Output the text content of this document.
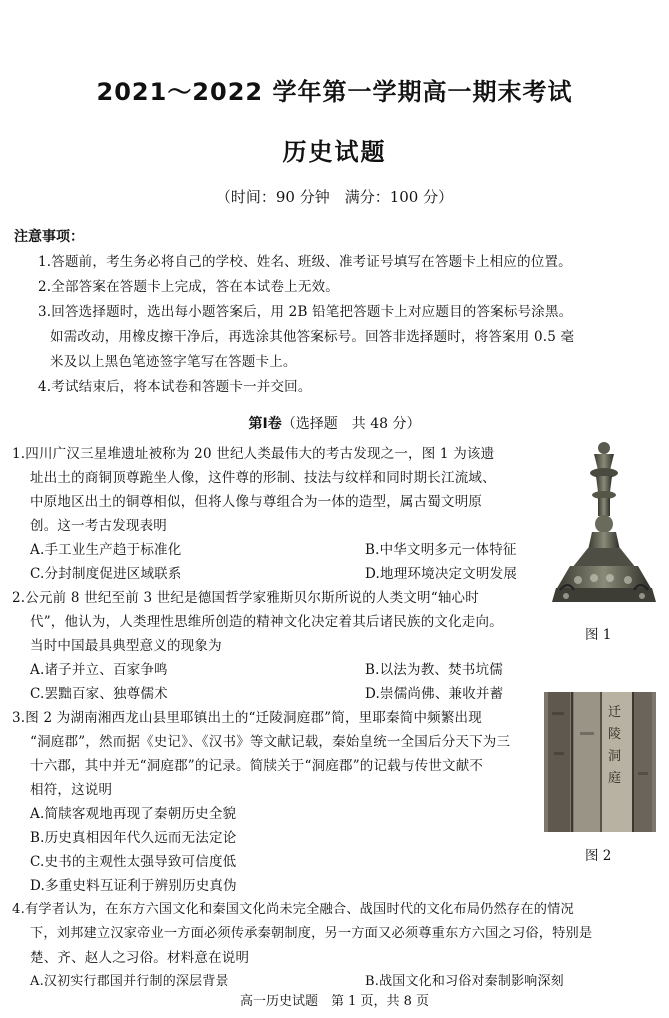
2021～2022 学年第一学期高一期末考试
历史试题
（时间：90 分钟　满分：100 分）
注意事项：
1.答题前，考生务必将自己的学校、姓名、班级、准考证号填写在答题卡上相应的位置。
2.全部答案在答题卡上完成，答在本试卷上无效。
3.回答选择题时，选出每小题答案后，用 2B 铅笔把答题卡上对应题目的答案标号涂黑。
如需改动，用橡皮擦干净后，再选涂其他答案标号。回答非选择题时，将答案用 0.5 毫
米及以上黑色笔迹签字笔写在答题卡上。
4.考试结束后，将本试卷和答题卡一并交回。
第Ⅰ卷（选择题　共 48 分）
1.四川广汉三星堆遗址被称为 20 世纪人类最伟大的考古发现之一，图 1 为该遗
址出土的商铜顶尊跪坐人像，这件尊的形制、技法与纹样和同时期长江流域、
中原地区出土的铜尊相似，但将人像与尊组合为一体的造型，属古蜀文明原
创。这一考古发现表明
A.手工业生产趋于标准化	B.中华文明多元一体特征
C.分封制度促进区域联系	D.地理环境决定文明发展
2.公元前 8 世纪至前 3 世纪是德国哲学家雅斯贝尔斯所说的人类文明“轴心时
代”，他认为，人类理性思维所创造的精神文化决定着其后诸民族的文化走向。
当时中国最具典型意义的现象为
A.诸子并立、百家争鸣	B.以法为教、焚书坑儒
C.罢黜百家、独尊儒术	D.崇儒尚佛、兼收并蓄
3.图 2 为湖南湘西龙山县里耶镇出土的“迁陵洞庭郡”简，里耶秦简中频繁出现
“洞庭郡”，然而据《史记》、《汉书》等文献记载，秦始皇统一全国后分天下为三
十六郡，其中并无“洞庭郡”的记录。简牍关于“洞庭郡”的记载与传世文献不
相符，这说明
A.简牍客观地再现了秦朝历史全貌
B.历史真相因年代久远而无法定论
C.史书的主观性太强导致可信度低
D.多重史料互证利于辨别历史真伪
4.有学者认为，在东方六国文化和秦国文化尚未完全融合、战国时代的文化布局仍然存在的情况
下，刘邦建立汉家帝业一方面必须传承秦朝制度，另一方面又必须尊重东方六国之习俗，特别是
楚、齐、赵人之习俗。材料意在说明
A.汉初实行郡国并行制的深层背景	B.战国文化和习俗对秦制影响深刻
图 1
迁陵洞庭
图 2
高一历史试题　第 1 页，共 8 页
